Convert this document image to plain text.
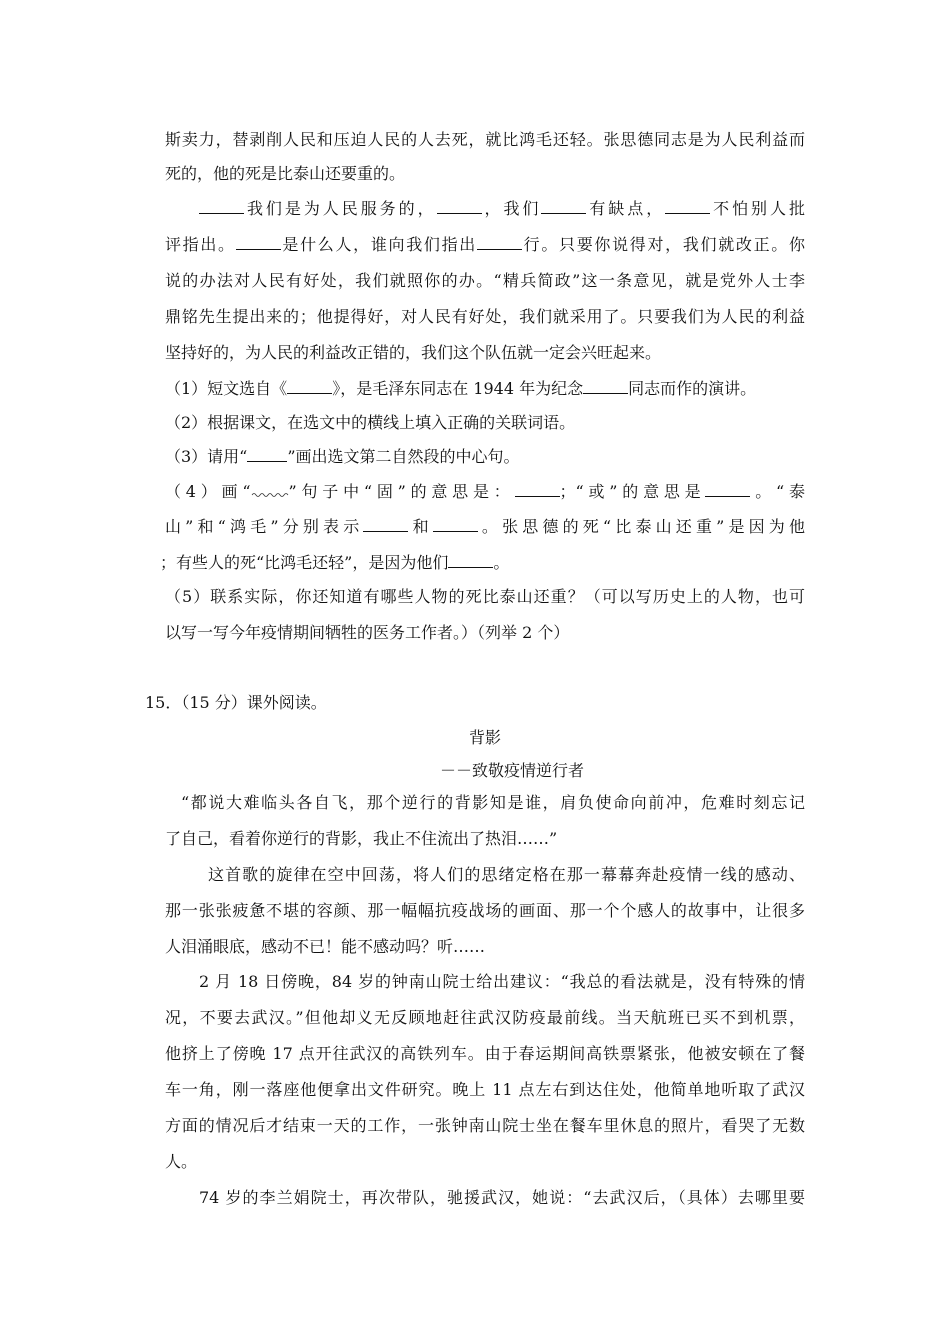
斯卖力，替剥削人民和压迫人民的人去死，就比鸿毛还轻。张思德同志是为人民利益而
死的，他的死是比泰山还要重的。
我们是为人民服务的，	，我们	有缺点，	不怕别人批
评指出。	是什么人，谁向我们指出	行。只要你说得对，我们就改正。你
说的办法对人民有好处，我们就照你的办。“精兵简政”这一条意见，就是党外人士李
鼎铭先生提出来的；他提得好，对人民有好处，我们就采用了。只要我们为人民的利益
坚持好的，为人民的利益改正错的，我们这个队伍就一定会兴旺起来。
（1）短文选自《	》，是毛泽东同志在 1944 年为纪念	同志而作的演讲。
（2）根据课文，在选文中的横线上填入正确的关联词语。
（3）请用“	”画出选文第二自然段的中心句。
（4）画“ ”句子中“固”的意思是：	；“或”的意思是	。“泰
山”和“鸿毛”分别表示	和	。张思德的死“比泰山还重”是因为他
；有些人的死“比鸿毛还轻”，是因为他们	。
（5）联系实际，你还知道有哪些人物的死比泰山还重？（可以写历史上的人物，也可
以写一写今年疫情期间牺牲的医务工作者。）（列举 2 个）
15．（15 分）课外阅读。
背影
－－致敬疫情逆行者
“都说大难临头各自飞，那个逆行的背影知是谁，肩负使命向前冲，危难时刻忘记
了自己，看着你逆行的背影，我止不住流出了热泪……”
这首歌的旋律在空中回荡，将人们的思绪定格在那一幕幕奔赴疫情一线的感动、
那一张张疲惫不堪的容颜、那一幅幅抗疫战场的画面、那一个个感人的故事中，让很多
人泪涌眼底，感动不已！能不感动吗？听……
2 月 18 日傍晚，84 岁的钟南山院士给出建议：“我总的看法就是，没有特殊的情
况，不要去武汉。”但他却义无反顾地赶往武汉防疫最前线。当天航班已买不到机票，
他挤上了傍晚 17 点开往武汉的高铁列车。由于春运期间高铁票紧张，他被安顿在了餐
车一角，刚一落座他便拿出文件研究。晚上 11 点左右到达住处，他简单地听取了武汉
方面的情况后才结束一天的工作，一张钟南山院士坐在餐车里休息的照片，看哭了无数
人。
74 岁的李兰娟院士，再次带队，驰援武汉，她说：“去武汉后，（具体）去哪里要
